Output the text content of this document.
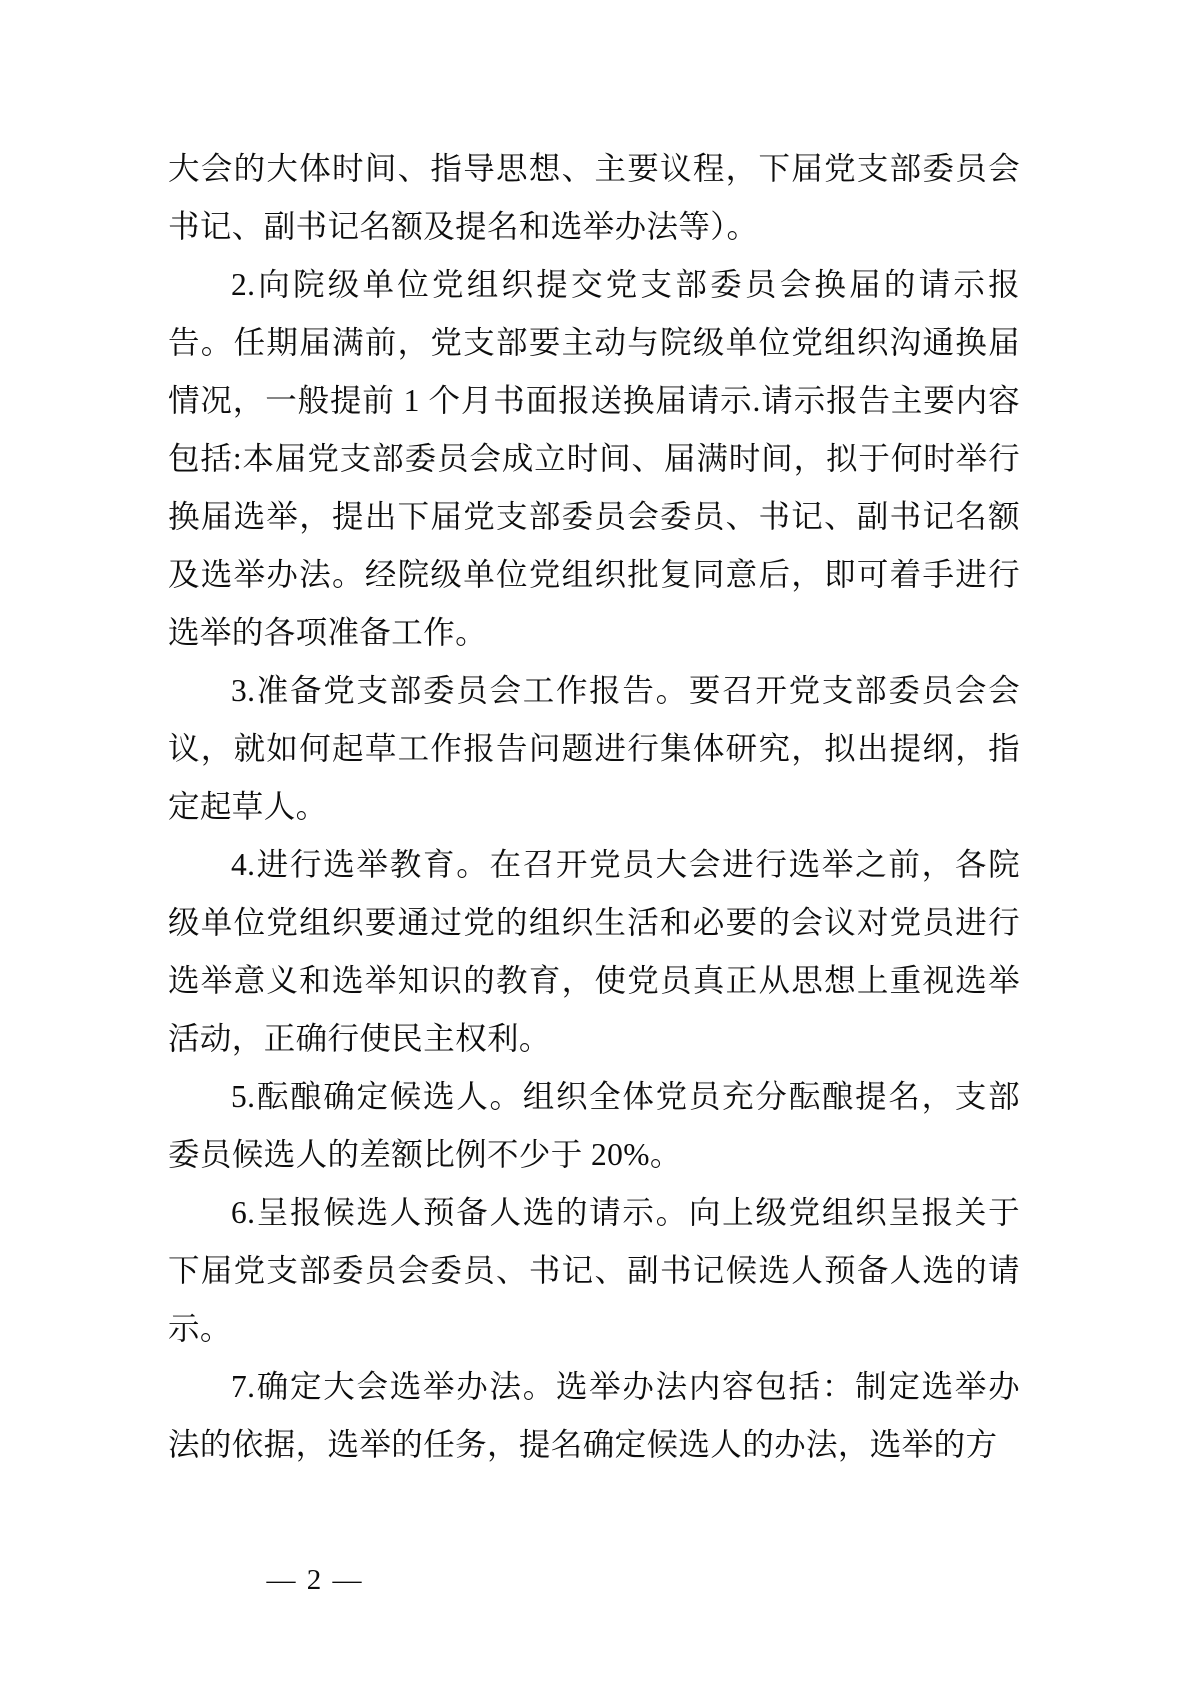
大会的大体时间、指导思想、主要议程，下届党支部委员会书记、副书记名额及提名和选举办法等）。

2.向院级单位党组织提交党支部委员会换届的请示报告。任期届满前，党支部要主动与院级单位党组织沟通换届情况，一般提前 1 个月书面报送换届请示.请示报告主要内容包括:本届党支部委员会成立时间、届满时间，拟于何时举行换届选举，提出下届党支部委员会委员、书记、副书记名额及选举办法。经院级单位党组织批复同意后，即可着手进行选举的各项准备工作。

3.准备党支部委员会工作报告。要召开党支部委员会会议，就如何起草工作报告问题进行集体研究，拟出提纲，指定起草人。

4.进行选举教育。在召开党员大会进行选举之前，各院级单位党组织要通过党的组织生活和必要的会议对党员进行选举意义和选举知识的教育，使党员真正从思想上重视选举活动，正确行使民主权利。

5.酝酿确定候选人。组织全体党员充分酝酿提名，支部委员候选人的差额比例不少于 20%。

6.呈报候选人预备人选的请示。向上级党组织呈报关于下届党支部委员会委员、书记、副书记候选人预备人选的请示。

7.确定大会选举办法。选举办法内容包括：制定选举办法的依据，选举的任务，提名确定候选人的办法，选举的方

— 2 —
